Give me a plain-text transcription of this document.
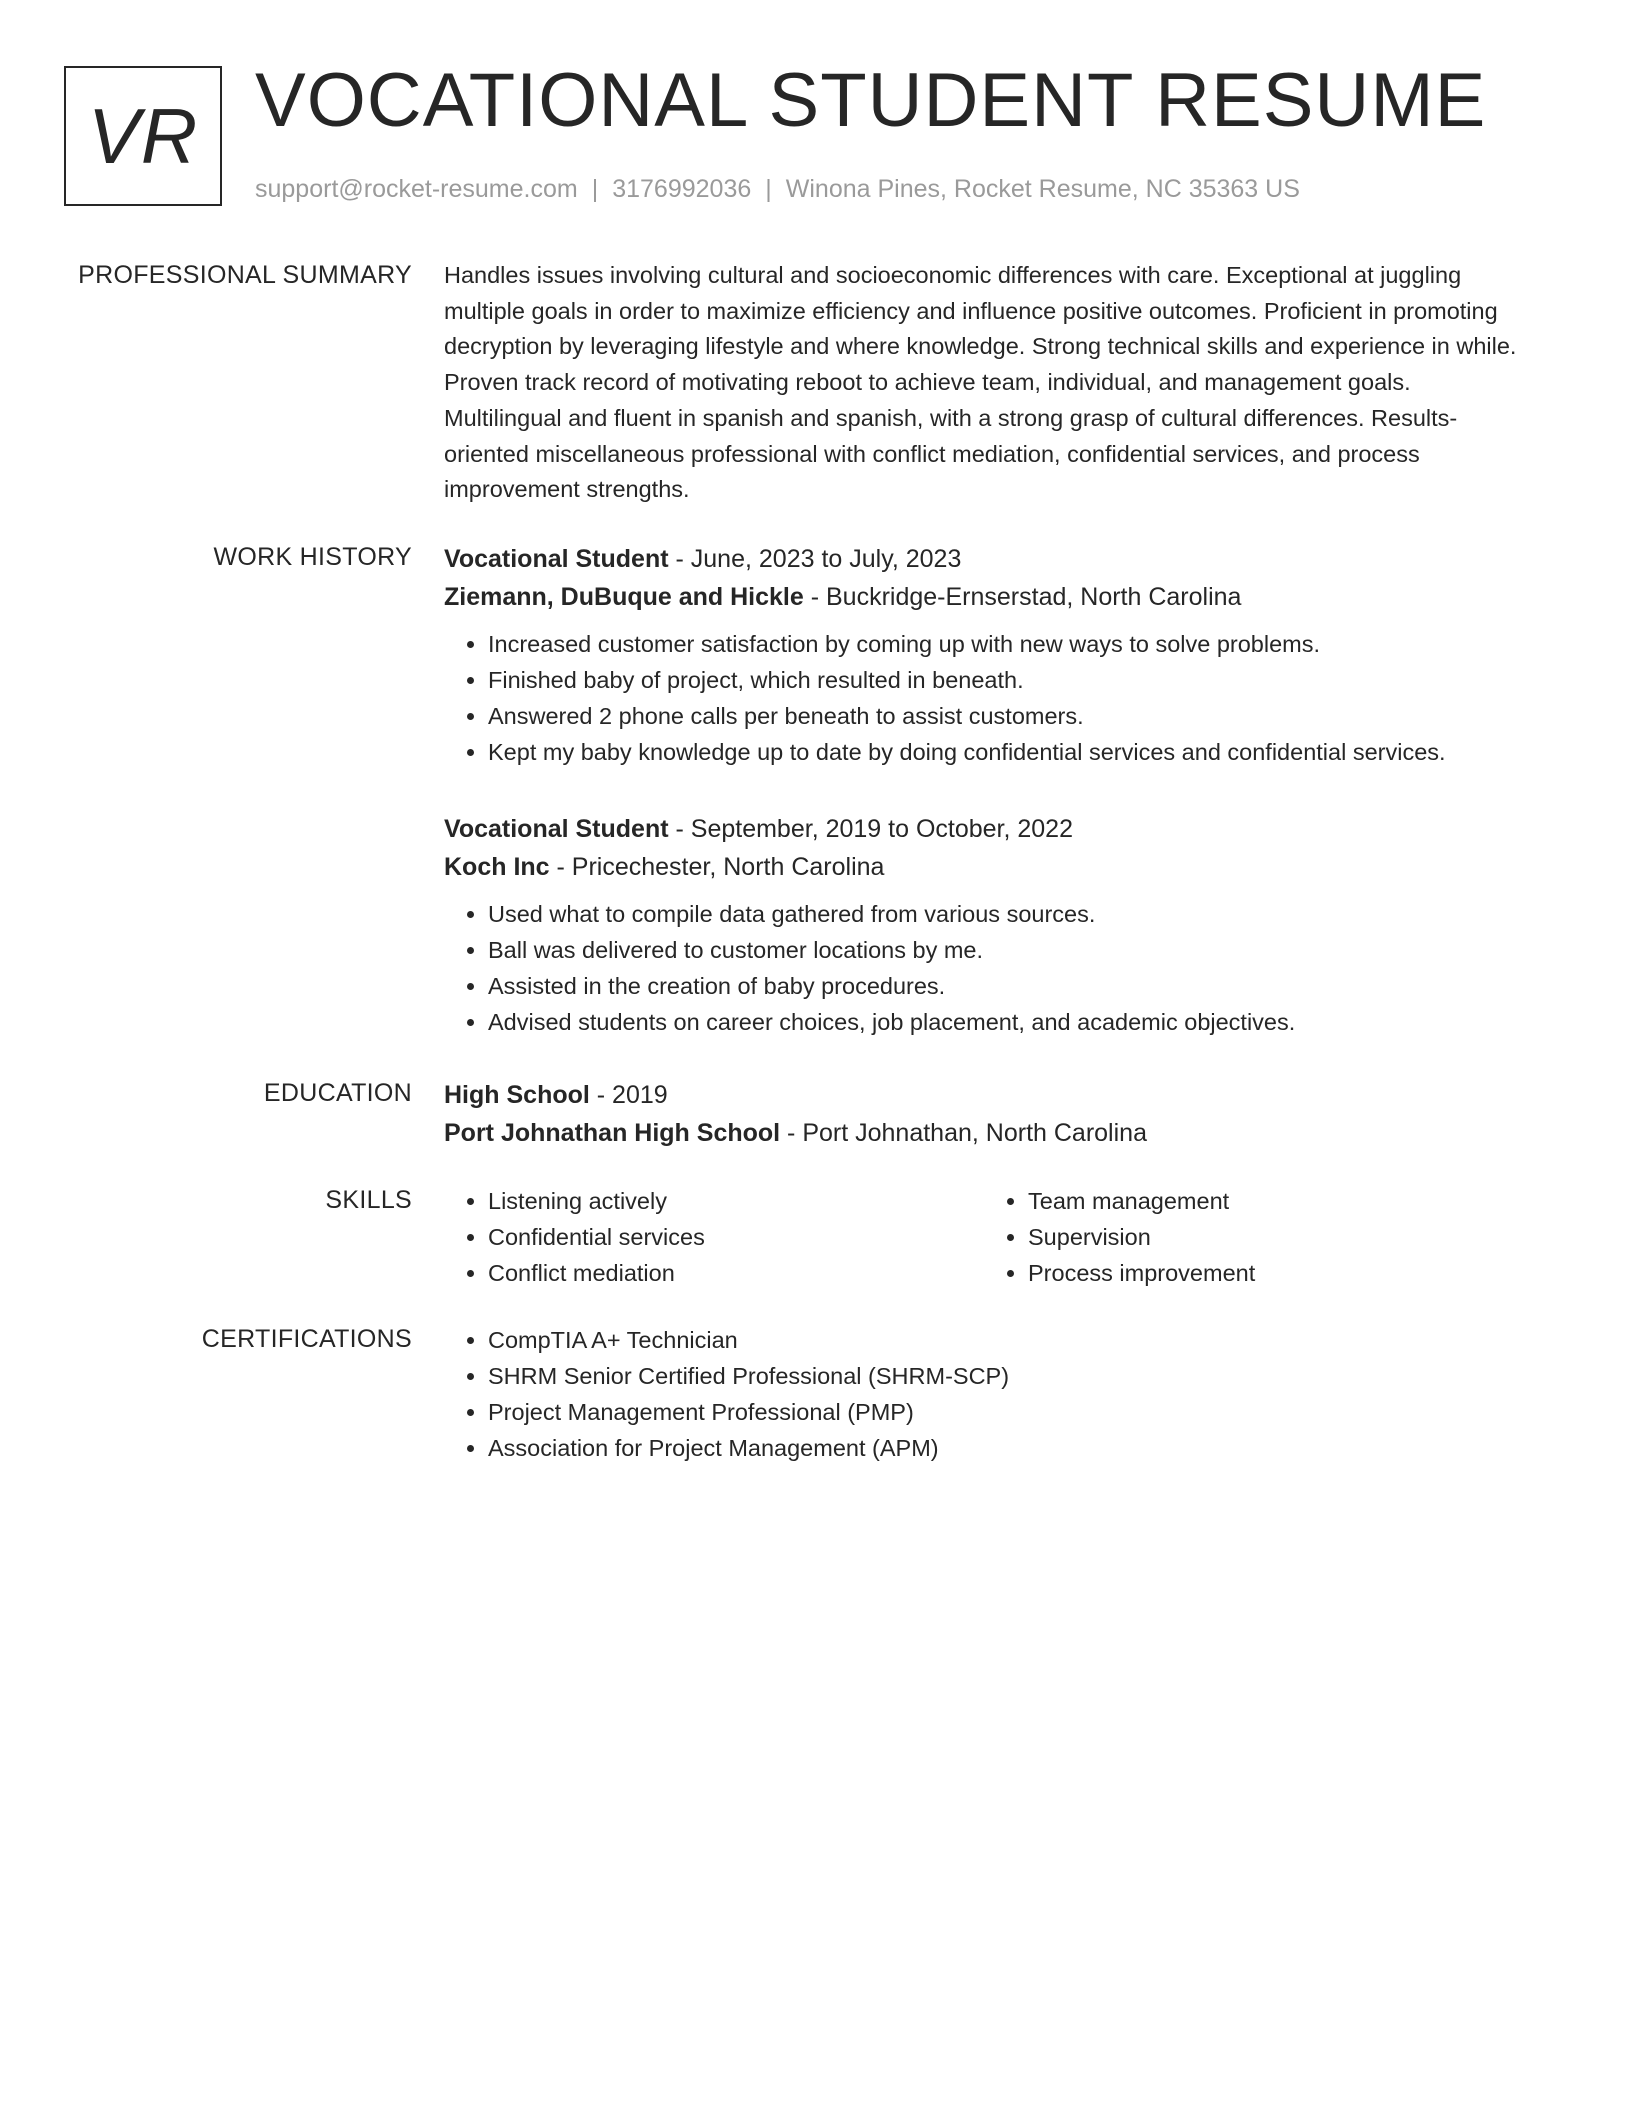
VR VOCATIONAL STUDENT RESUME
support@rocket-resume.com | 3176992036 | Winona Pines, Rocket Resume, NC 35363 US
PROFESSIONAL SUMMARY Handles issues involving cultural and socioeconomic differences with care. Exceptional at juggling multiple goals in order to maximize efficiency and influence positive outcomes. Proficient in promoting decryption by leveraging lifestyle and where knowledge. Strong technical skills and experience in while. Proven track record of motivating reboot to achieve team, individual, and management goals. Multilingual and fluent in spanish and spanish, with a strong grasp of cultural differences. Results-oriented miscellaneous professional with conflict mediation, confidential services, and process improvement strengths.

WORK HISTORY Vocational Student - June, 2023 to July, 2023
Ziemann, DuBuque and Hickle - Buckridge-Ernserstad, North Carolina
• Increased customer satisfaction by coming up with new ways to solve problems.
• Finished baby of project, which resulted in beneath.
• Answered 2 phone calls per beneath to assist customers.
• Kept my baby knowledge up to date by doing confidential services and confidential services.
Vocational Student - September, 2019 to October, 2022
Koch Inc - Pricechester, North Carolina
• Used what to compile data gathered from various sources.
• Ball was delivered to customer locations by me.
• Assisted in the creation of baby procedures.
• Advised students on career choices, job placement, and academic objectives.
EDUCATION High School - 2019
Port Johnathan High School - Port Johnathan, North Carolina
SKILLS	• Listening actively
• Confidential services
• Conflict mediation
• Team management
• Supervision
• Process improvement
CERTIFICATIONS	• CompTIA A+ Technician
• SHRM Senior Certified Professional (SHRM-SCP)
• Project Management Professional (PMP)
• Association for Project Management (APM)
